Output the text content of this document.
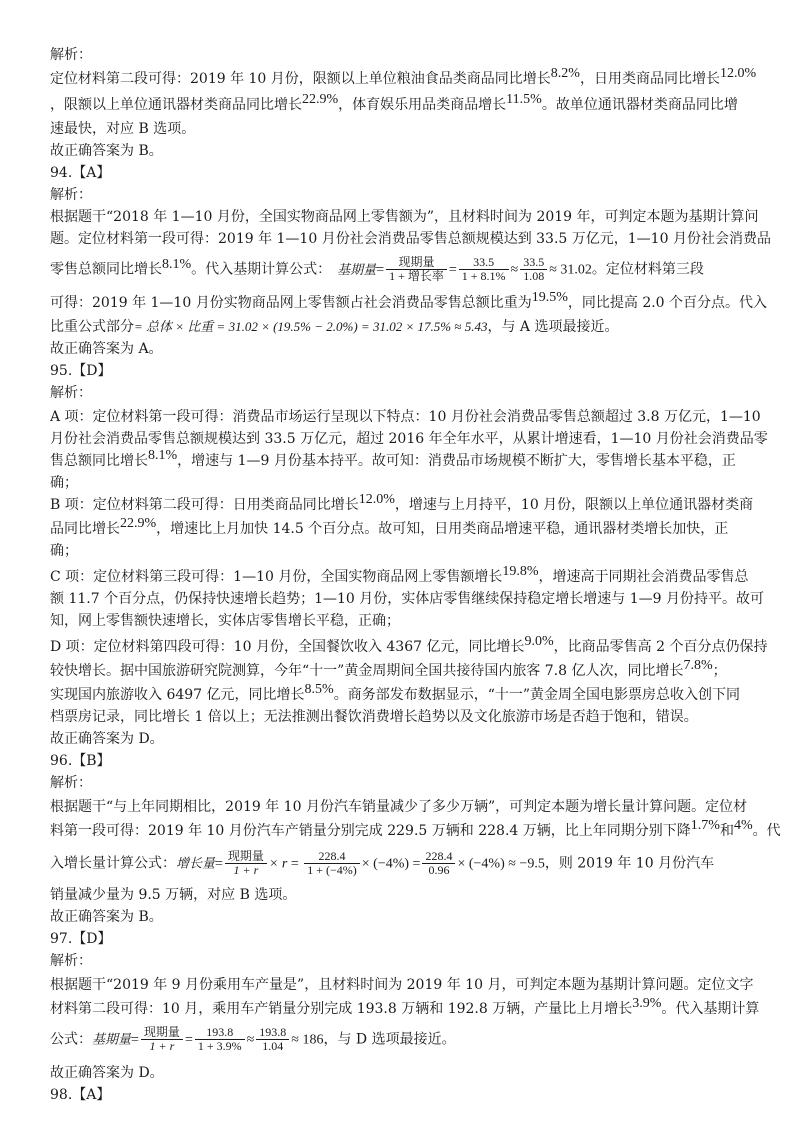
解析：
定位材料第二段可得：2019 年 10 月份，限额以上单位粮油食品类商品同比增长8.2%，日用类商品同比增长12.0%
，限额以上单位通讯器材类商品同比增长22.9%，体育娱乐用品类商品增长11.5%。故单位通讯器材类商品同比增
速最快，对应 B 选项。
故正确答案为 B。
94.【A】
解析：
根据题干“2018 年 1—10 月份，全国实物商品网上零售额为”，且材料时间为 2019 年，可判定本题为基期计算问
题。定位材料第一段可得：2019 年 1—10 月份社会消费品零售总额规模达到 33.5 万亿元，1—10 月份社会消费品
零售总额同比增长8.1%。代入基期计算公式： 基期量= $\frac{\text{现期量}}{\text{1 + 增长率}} = \frac{33.5}{1 + 8.1\%} \approx \frac{33.5}{1.08} \approx 31.02$。定位材料第三段
可得：2019 年 1—10 月份实物商品网上零售额占社会消费品零售总额比重为19.5%，同比提高 2.0 个百分点。代入
比重公式部分= 总体 × 比重 = 31.02 × (19.5% − 2.0%) = 31.02 × 17.5% ≈ 5.43，与 A 选项最接近。
故正确答案为 A。
95.【D】
解析：
A 项：定位材料第一段可得：消费品市场运行呈现以下特点：10 月份社会消费品零售总额超过 3.8 万亿元，1—10
月份社会消费品零售总额规模达到 33.5 万亿元，超过 2016 年全年水平，从累计增速看，1—10 月份社会消费品零
售总额同比增长8.1%，增速与 1—9 月份基本持平。故可知：消费品市场规模不断扩大，零售增长基本平稳，正
确；
B 项：定位材料第二段可得：日用类商品同比增长12.0%，增速与上月持平，10 月份，限额以上单位通讯器材类商
品同比增长22.9%，增速比上月加快 14.5 个百分点。故可知，日用类商品增速平稳，通讯器材类增长加快，正
确；
C 项：定位材料第三段可得：1—10 月份，全国实物商品网上零售额增长19.8%，增速高于同期社会消费品零售总
额 11.7 个百分点，仍保持快速增长趋势；1—10 月份，实体店零售继续保持稳定增长增速与 1—9 月份持平。故可
知，网上零售额快速增长，实体店零售增长平稳，正确；
D 项：定位材料第四段可得：10 月份，全国餐饮收入 4367 亿元，同比增长9.0%，比商品零售高 2 个百分点仍保持
较快增长。据中国旅游研究院测算，今年“十一”黄金周期间全国共接待国内旅客 7.8 亿人次，同比增长7.8%；
实现国内旅游收入 6497 亿元，同比增长8.5%。商务部发布数据显示，“十一”黄金周全国电影票房总收入创下同
档票房记录，同比增长 1 倍以上；无法推测出餐饮消费增长趋势以及文化旅游市场是否趋于饱和，错误。
故正确答案为 D。
96.【B】
解析：
根据题干“与上年同期相比，2019 年 10 月份汽车销量减少了多少万辆”，可判定本题为增长量计算问题。定位材
料第一段可得：2019 年 10 月份汽车产销量分别完成 229.5 万辆和 228.4 万辆，比上年同期分别下降1.7%和4%。代
入增长量计算公式：增长量= $\frac{\text{现期量}}{1 + r} \times r = \frac{228.4}{1 + (-4\%)} \times (-4\%) = \frac{228.4}{0.96} \times (-4\%) \approx -9.5$，则 2019 年 10 月份汽车
销量减少量为 9.5 万辆，对应 B 选项。
故正确答案为 B。
97.【D】
解析：
根据题干“2019 年 9 月份乘用车产量是”，且材料时间为 2019 年 10 月，可判定本题为基期计算问题。定位文字
材料第二段可得：10 月，乘用车产销量分别完成 193.8 万辆和 192.8 万辆，产量比上月增长3.9%。代入基期计算
公式：基期量= $\frac{\text{现期量}}{1 + r} = \frac{193.8}{1 + 3.9\%} \approx \frac{193.8}{1.04} \approx 186$，与 D 选项最接近。
故正确答案为 D。
98.【A】
